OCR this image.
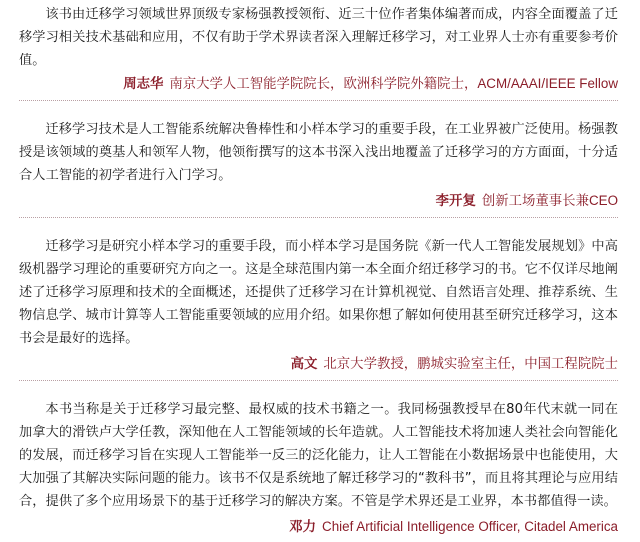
该书由迁移学习领域世界顶级专家杨强教授领衔、近三十位作者集体编著而成，内容全面覆盖了迁移学习相关技术基础和应用，不仅有助于学术界读者深入理解迁移学习，对工业界人士亦有重要参考价值。

周志华 南京大学人工智能学院院长，欧洲科学院外籍院士，ACM/AAAI/IEEE Fellow

迁移学习技术是人工智能系统解决鲁棒性和小样本学习的重要手段，在工业界被广泛使用。杨强教授是该领域的奠基人和领军人物，他领衔撰写的这本书深入浅出地覆盖了迁移学习的方方面面，十分适合人工智能的初学者进行入门学习。

李开复 创新工场董事长兼CEO

迁移学习是研究小样本学习的重要手段，而小样本学习是国务院《新一代人工智能发展规划》中高级机器学习理论的重要研究方向之一。这是全球范围内第一本全面介绍迁移学习的书。它不仅详尽地阐述了迁移学习原理和技术的全面概述，还提供了迁移学习在计算机视觉、自然语言处理、推荐系统、生物信息学、城市计算等人工智能重要领域的应用介绍。如果你想了解如何使用甚至研究迁移学习，这本书会是最好的选择。

高文 北京大学教授，鹏城实验室主任，中国工程院院士

本书当称是关于迁移学习最完整、最权威的技术书籍之一。我同杨强教授早在80年代末就一同在加拿大的滑铁卢大学任教，深知他在人工智能领域的长年造就。人工智能技术将加速人类社会向智能化的发展，而迁移学习旨在实现人工智能举一反三的泛化能力，让人工智能在小数据场景中也能使用，大大加强了其解决实际问题的能力。该书不仅是系统地了解迁移学习的“教科书”，而且将其理论与应用结合，提供了多个应用场景下的基于迁移学习的解决方案。不管是学术界还是工业界，本书都值得一读。

邓力 Chief Artificial Intelligence Officer, Citadel America
